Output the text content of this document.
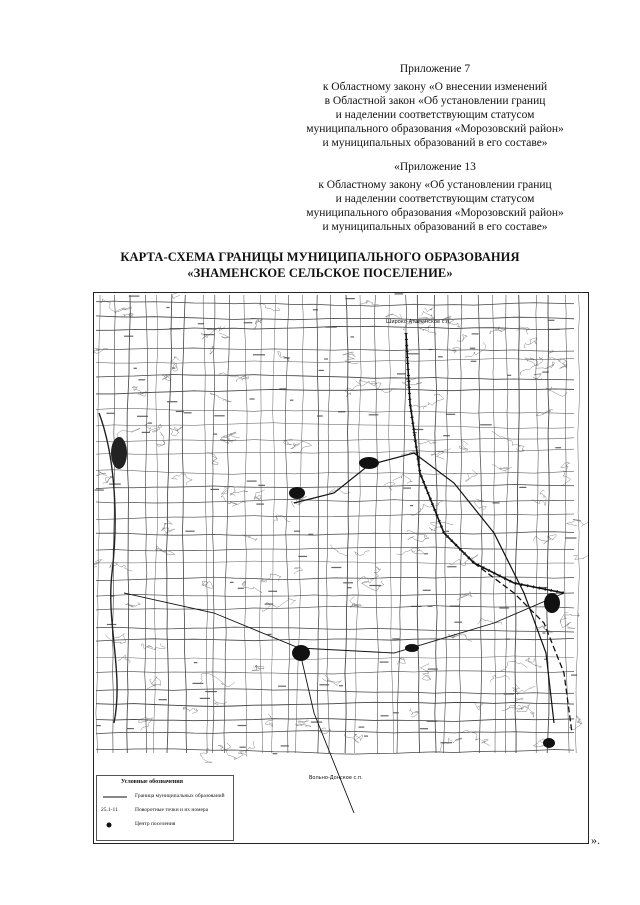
Приложение 7
к Областному закону «О внесении изменений
в Областной закон «Об установлении границ
и наделении соответствующим статусом
муниципального образования «Морозовский район»
и муниципальных образований в его составе»
«Приложение 13
к Областному закону «Об установлении границ
и наделении соответствующим статусом
муниципального образования «Морозовский район»
и муниципальных образований в его составе»
КАРТА-СХЕМА ГРАНИЦЫ МУНИЦИПАЛЬНОГО ОБРАЗОВАНИЯ
«ЗНАМЕНСКОЕ СЕЛЬСКОЕ ПОСЕЛЕНИЕ»
Широко-Атаманское с.п.
Вольно-Донское с.п.
Условные обозначения
Граница муниципальных образований
25.1-11	Поворотные точки и их номера
Центр поселения
».
